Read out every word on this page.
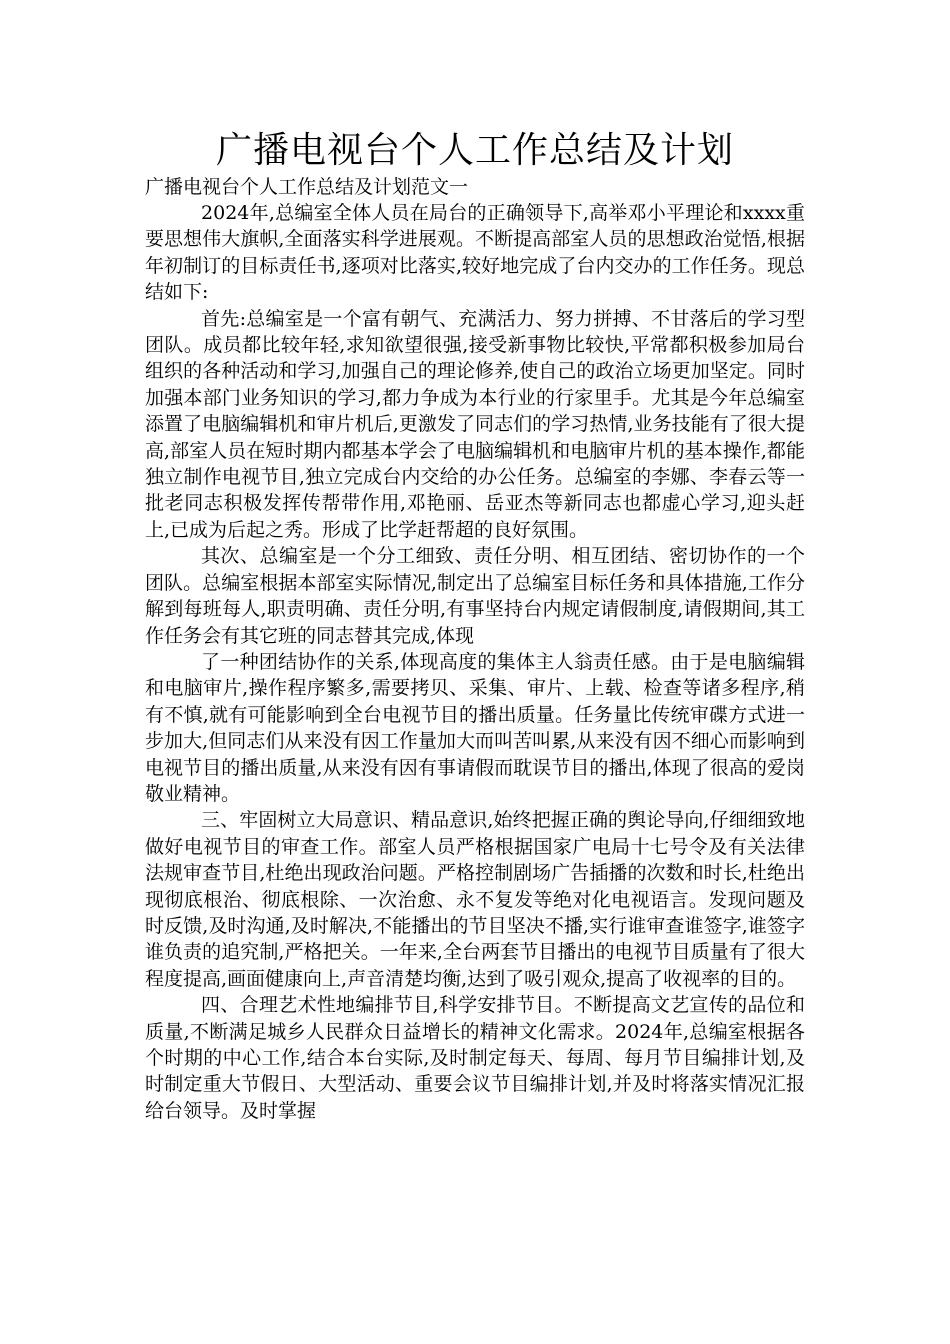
广播电视台个人工作总结及计划

广播电视台个人工作总结及计划范文一

2024年,总编室全体人员在局台的正确领导下,高举邓小平理论和xxxx重要思想伟大旗帜,全面落实科学进展观。不断提高部室人员的思想政治觉悟,根据年初制订的目标责任书,逐项对比落实,较好地完成了台内交办的工作任务。现总结如下:

首先:总编室是一个富有朝气、充满活力、努力拼搏、不甘落后的学习型团队。成员都比较年轻,求知欲望很强,接受新事物比较快,平常都积极参加局台组织的各种活动和学习,加强自己的理论修养,使自己的政治立场更加坚定。同时加强本部门业务知识的学习,都力争成为本行业的行家里手。尤其是今年总编室添置了电脑编辑机和审片机后,更激发了同志们的学习热情,业务技能有了很大提高,部室人员在短时期内都基本学会了电脑编辑机和电脑审片机的基本操作,都能独立制作电视节目,独立完成台内交给的办公任务。总编室的李娜、李春云等一批老同志积极发挥传帮带作用,邓艳丽、岳亚杰等新同志也都虚心学习,迎头赶上,已成为后起之秀。形成了比学赶帮超的良好氛围。

其次、总编室是一个分工细致、责任分明、相互团结、密切协作的一个团队。总编室根据本部室实际情况,制定出了总编室目标任务和具体措施,工作分解到每班每人,职责明确、责任分明,有事坚持台内规定请假制度,请假期间,其工作任务会有其它班的同志替其完成,体现

了一种团结协作的关系,体现高度的集体主人翁责任感。由于是电脑编辑和电脑审片,操作程序繁多,需要拷贝、采集、审片、上载、检查等诸多程序,稍有不慎,就有可能影响到全台电视节目的播出质量。任务量比传统审碟方式进一步加大,但同志们从来没有因工作量加大而叫苦叫累,从来没有因不细心而影响到电视节目的播出质量,从来没有因有事请假而耽误节目的播出,体现了很高的爱岗敬业精神。

三、牢固树立大局意识、精品意识,始终把握正确的舆论导向,仔细细致地做好电视节目的审查工作。部室人员严格根据国家广电局十七号令及有关法律法规审查节目,杜绝出现政治问题。严格控制剧场广告插播的次数和时长,杜绝出现彻底根治、彻底根除、一次治愈、永不复发等绝对化电视语言。发现问题及时反馈,及时沟通,及时解决,不能播出的节目坚决不播,实行谁审查谁签字,谁签字谁负责的追究制,严格把关。一年来,全台两套节目播出的电视节目质量有了很大程度提高,画面健康向上,声音清楚均衡,达到了吸引观众,提高了收视率的目的。

四、合理艺术性地编排节目,科学安排节目。不断提高文艺宣传的品位和质量,不断满足城乡人民群众日益增长的精神文化需求。2024年,总编室根据各个时期的中心工作,结合本台实际,及时制定每天、每周、每月节目编排计划,及时制定重大节假日、大型活动、重要会议节目编排计划,并及时将落实情况汇报给台领导。及时掌握
